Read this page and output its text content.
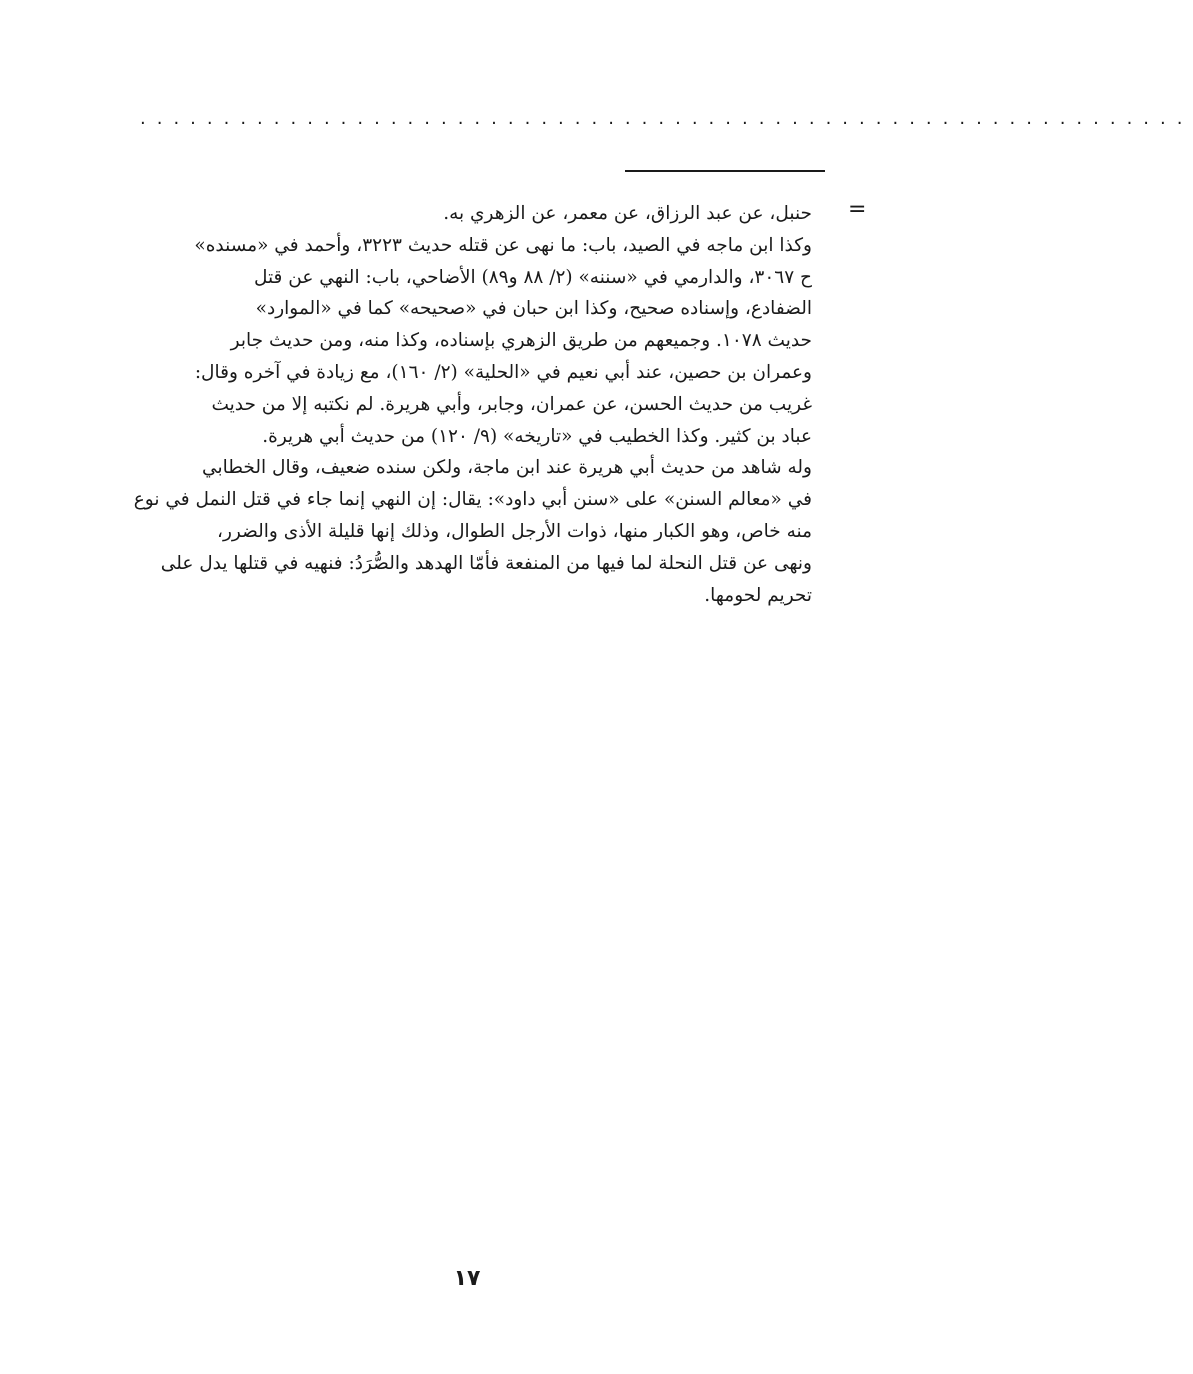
...............................................................
=
حنبل، عن عبد الرزاق، عن معمر، عن الزهري به.
وكذا ابن ماجه في الصيد، باب: ما نهى عن قتله حديث ٣٢٢٣، وأحمد في «مسنده»
ح ٣٠٦٧، والدارمي في «سننه» (٢/ ٨٨ و٨٩) الأضاحي، باب: النهي عن قتل
الضفادع، وإسناده صحيح، وكذا ابن حبان في «صحيحه» كما في «الموارد»
حديث ١٠٧٨. وجميعهم من طريق الزهري بإسناده، وكذا منه، ومن حديث جابر
وعمران بن حصين، عند أبي نعيم في «الحلية» (٢/ ١٦٠)، مع زيادة في آخره وقال:
غريب من حديث الحسن، عن عمران، وجابر، وأبي هريرة. لم نكتبه إلا من حديث
عباد بن كثير. وكذا الخطيب في «تاريخه» (٩/ ١٢٠) من حديث أبي هريرة.
وله شاهد من حديث أبي هريرة عند ابن ماجة، ولكن سنده ضعيف، وقال الخطابي
في «معالم السنن» على «سنن أبي داود»: يقال: إن النهي إنما جاء في قتل النمل في نوع
منه خاص، وهو الكبار منها، ذوات الأرجل الطوال، وذلك إنها قليلة الأذى والضرر،
ونهى عن قتل النحلة لما فيها من المنفعة فأمّا الهدهد والصُّرَدُ: فنهيه في قتلها يدل على
تحريم لحومها.
١٧
